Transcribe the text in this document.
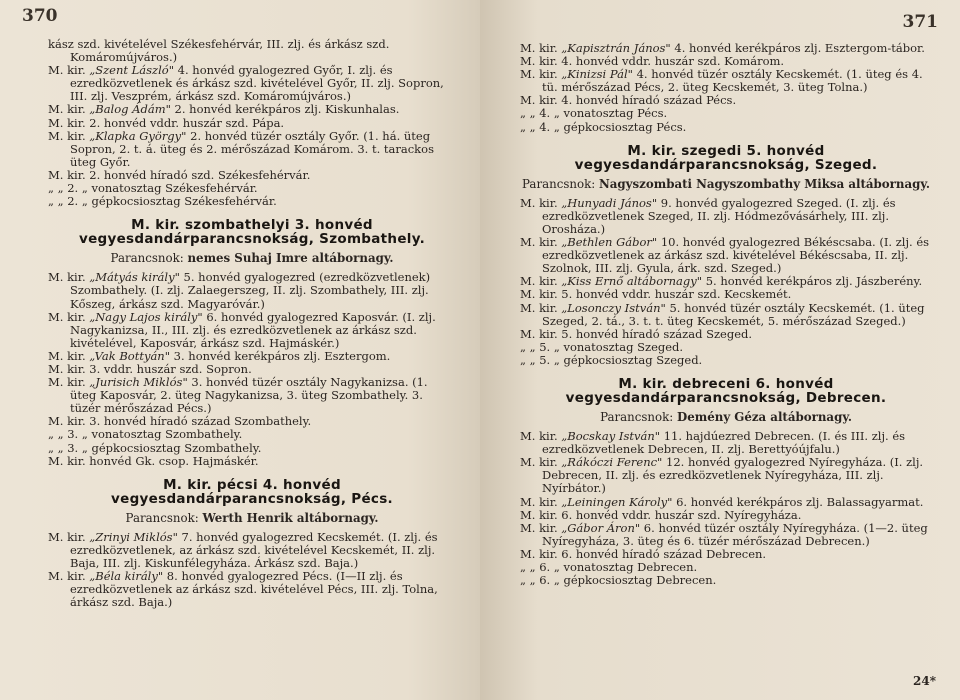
370

kász szd. kivételével Székesfehérvár, III. zlj. és árkász szd. Komáromújváros.)

M. kir. „Szent László" 4. honvéd gyalogezred Győr, I. zlj. és ezredközvetlenek és árkász szd. kivételével Győr, II. zlj. Sopron, III. zlj. Veszprém, árkász szd. Komáromújváros.)

M. kir. „Balog Ádám" 2. honvéd kerékpáros zlj. Kiskunhalas.

M. kir. 2. honvéd vddr. huszár szd. Pápa.

M. kir. „Klapka György" 2. honvéd tüzér osztály Győr. (1. há. üteg Sopron, 2. t. á. üteg és 2. mérőszázad Komárom. 3. t. tarackos üteg Győr.

M. kir. 2. honvéd híradó szd. Székesfehérvár.

„ „ 2. „ vonatosztag Székesfehérvár.

„ „ 2. „ gépkocsiosztag Székesfehérvár.

M. kir. szombathelyi 3. honvéd vegyesdandárparancsnokság, Szombathely.
Parancsnok: nemes Suhaj Imre altábornagy.

M. kir. „Mátyás király" 5. honvéd gyalogezred (ezredközvetlenek) Szombathely. (I. zlj. Zalaegerszeg, II. zlj. Szombathely, III. zlj. Kőszeg, árkász szd. Magyaróvár.)

M. kir. „Nagy Lajos király" 6. honvéd gyalogezred Kaposvár. (I. zlj. Nagykanizsa, II., III. zlj. és ezredközvetlenek az árkász szd. kivételével, Kaposvár, árkász szd. Hajmáskér.)

M. kir. „Vak Bottyán" 3. honvéd kerékpáros zlj. Esztergom.

M. kir. 3. vddr. huszár szd. Sopron.

M. kir. „Jurisich Miklós" 3. honvéd tüzér osztály Nagykanizsa. (1. üteg Kaposvár, 2. üteg Nagykanizsa, 3. üteg Szombathely. 3. tüzér mérőszázad Pécs.)

M. kir. 3. honvéd híradó század Szombathely.

„ „ 3. „ vonatosztag Szombathely.

„ „ 3. „ gépkocsiosztag Szombathely.

M. kir. honvéd Gk. csop. Hajmáskér.

M. kir. pécsi 4. honvéd vegyesdandárparancsnokság, Pécs.
Parancsnok: Werth Henrik altábornagy.

M. kir. „Zrinyi Miklós" 7. honvéd gyalogezred Kecskemét. (I. zlj. és ezredközvetlenek, az árkász szd. kivételével Kecskemét, II. zlj. Baja, III. zlj. Kiskunfélegyháza. Árkász szd. Baja.)

M. kir. „Béla király" 8. honvéd gyalogezred Pécs. (I—II zlj. és ezredközvetlenek az árkász szd. kivételével Pécs, III. zlj. Tolna, árkász szd. Baja.)

371

M. kir. „Kapisztrán János" 4. honvéd kerékpáros zlj. Esztergom-tábor.

M. kir. 4. honvéd vddr. huszár szd. Komárom.

M. kir. „Kinizsi Pál" 4. honvéd tüzér osztály Kecskemét. (1. üteg és 4. tü. mérőszázad Pécs, 2. üteg Kecskemét, 3. üteg Tolna.)

M. kir. 4. honvéd híradó század Pécs.

„ „ 4. „ vonatosztag Pécs.

„ „ 4. „ gépkocsiosztag Pécs.

M. kir. szegedi 5. honvéd vegyesdandárparancsnokság, Szeged.
Parancsnok: Nagyszombati Nagyszombathy Miksa altábornagy.

M. kir. „Hunyadi János" 9. honvéd gyalogezred Szeged. (I. zlj. és ezredközvetlenek Szeged, II. zlj. Hódmezővásárhely, III. zlj. Orosháza.)

M. kir. „Bethlen Gábor" 10. honvéd gyalogezred Békéscsaba. (I. zlj. és ezredközvetlenek az árkász szd. kivételével Békéscsaba, II. zlj. Szolnok, III. zlj. Gyula, árk. szd. Szeged.)

M. kir. „Kiss Ernő altábornagy" 5. honvéd kerékpáros zlj. Jászberény.

M. kir. 5. honvéd vddr. huszár szd. Kecskemét.

M. kir. „Losonczy István" 5. honvéd tüzér osztály Kecskemét. (1. üteg Szeged, 2. tá., 3. t. t. üteg Kecskemét, 5. mérőszázad Szeged.)

M. kir. 5. honvéd híradó század Szeged.

„ „ 5. „ vonatosztag Szeged.

„ „ 5. „ gépkocsiosztag Szeged.

M. kir. debreceni 6. honvéd vegyesdandárparancsnokság, Debrecen.
Parancsnok: Demény Géza altábornagy.

M. kir. „Bocskay István" 11. hajdúezred Debrecen. (I. és III. zlj. és ezredközvetlenek Debrecen, II. zlj. Berettyóújfalu.)

M. kir. „Rákóczi Ferenc" 12. honvéd gyalogezred Nyíregyháza. (I. zlj. Debrecen, II. zlj. és ezredközvetlenek Nyíregyháza, III. zlj. Nyírbátor.)

M. kir. „Leiningen Károly" 6. honvéd kerékpáros zlj. Balassagyarmat.

M. kir. 6. honvéd vddr. huszár szd. Nyíregyháza.

M. kir. „Gábor Áron" 6. honvéd tüzér osztály Nyíregyháza. (1—2. üteg Nyíregyháza, 3. üteg és 6. tüzér mérőszázad Debrecen.)

M. kir. 6. honvéd híradó század Debrecen.

„ „ 6. „ vonatosztag Debrecen.

„ „ 6. „ gépkocsiosztag Debrecen.

24*
